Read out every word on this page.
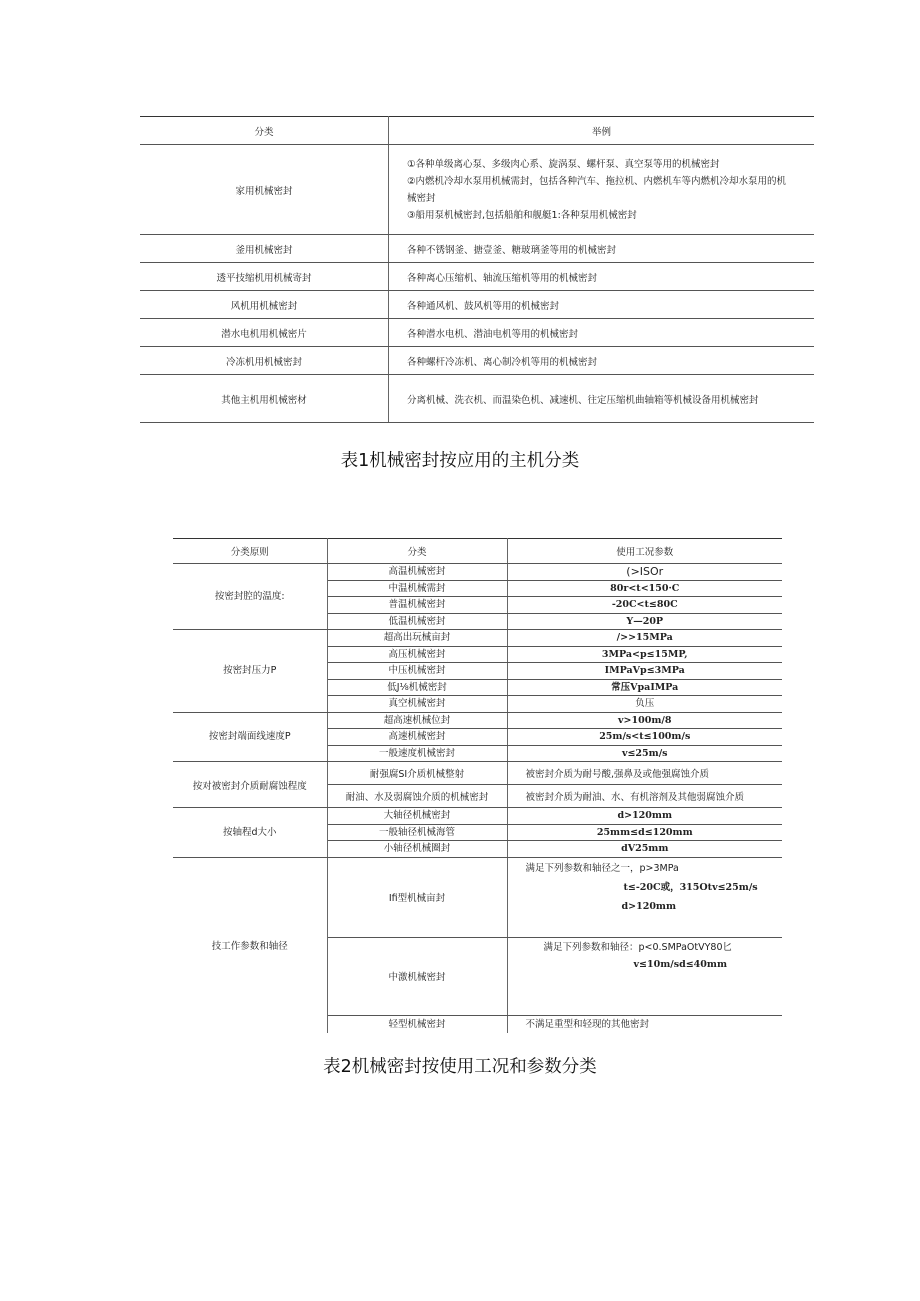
分类	举例
家用机械密封	①各种单级离心泵、多级肉心系、旋涡泵、螺杆泵、真空泵等用的机械密封
②内燃机冷却水泵用机械需封，包括各种汽车、拖拉机、内燃机车等内燃机冷却水泵用的机
械密封
③船用泵机械密封,包括船舶和舰艇1:各种泵用机械密封

釜用机械密封	各种不锈钢釜、搪壹釜、糖玻璃釜等用的机械密封
透平技缩机用机械寄封	各种离心压缩机、轴流压缩机等用的机械密封
风机用机械密封	各种通风机、鼓风机等用的机械密封
潜水电机用机械密片	各种潜水电机、潜油电机等用的机械密封
冷冻机用机械密封	各种螺杆冷冻机、离心制冷机等用的机械密封
其他主机用机械密材	分离机械、洗衣机、而温染色机、减速机、往定压缩机曲轴箱等机械设备用机械密封
表1机械密封按应用的主机分类
分类原则	分类	使用工况参数
按密封腔的温度:	高温机械密封	(>ISOr
	中温机械需封	80r<t<150·C
	普温机械密封	-20C<t≤80C
	低温机械密封	Y—20P
按密封压力P	超高出玩械亩封	/>>15MPa
	高压机械密封	3MPa<p≤15MP,
	中压机械密封	IMPaVp≤3MPa
	低J⅛机械密封	常压VpaIMPa
	真空机械密封	负压
按密封端面线速度P	超高速机械位封	v>100m∕8
	高速机械密封	25m∕s<t≤100m∕s
	一般速度机械密封	v≤25m∕s
按对被密封介质耐腐蚀程度	耐强腐SI介质机械整射	被密封介质为耐号酸,强鼻及或他强腐蚀介质
	耐油、水及弱腐蚀介质的机械密封	被密封介质为耐油、水、有机溶剂及其他弱腐蚀介质
按轴程d大小	大轴径机械密封	d>120mm
	一般轴径机械海管	25mm≤d≤120mm
	小轴径机械圈封	dV25mm
技工作参数和轴径	Ifi型机械亩封	满足下列参数和轴径之一，p>3MPa
t≤-20C或，315Otv≤25m∕s
d>120mm

	中激机械密封	满足下列参数和轴径：p<0.SMPaOtVY80匕
v≤10m∕sd≤40mm

	轻型机械密封	不满足重型和轻现的其他密封
表2机械密封按使用工况和参数分类
